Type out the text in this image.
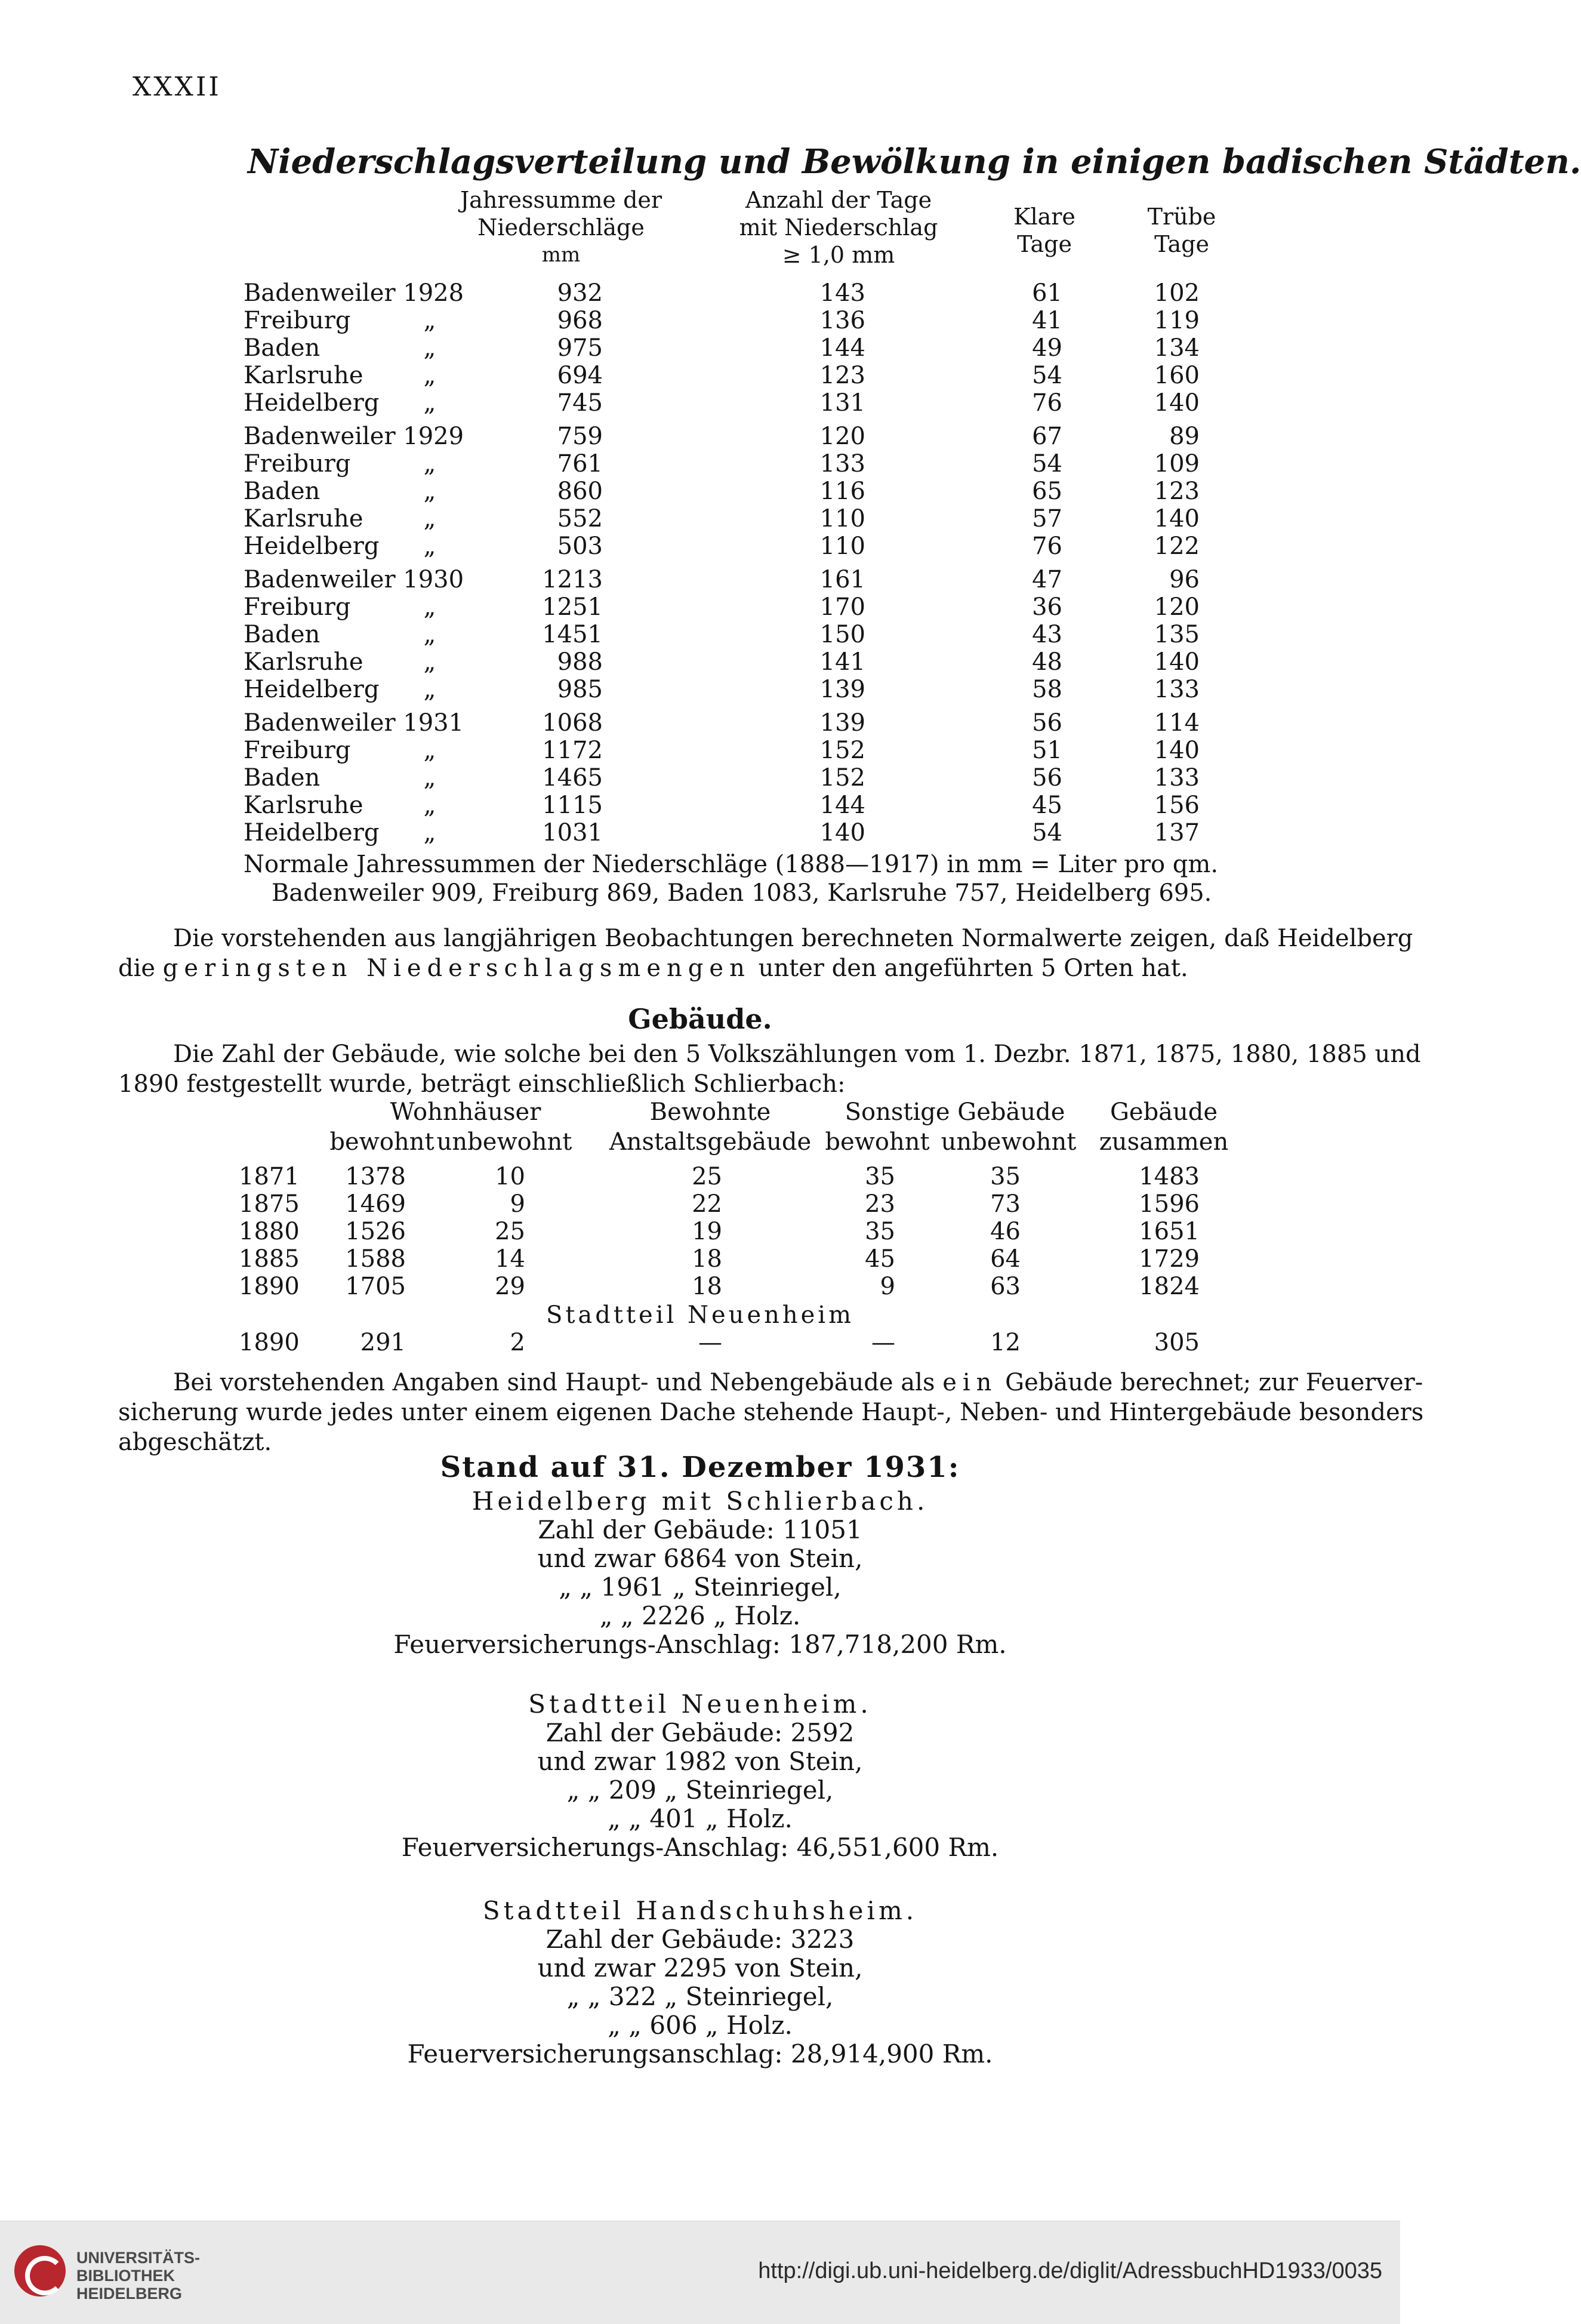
XXXII
Niederschlagsverteilung und Bewölkung in einigen badischen Städten.
Jahressumme der
Niederschläge
mm
Anzahl der Tage
mit Niederschlag
≥ 1,0 mm
Klare
Tage
Trübe
Tage
Badenweiler 1928	932	143	61	102
Freiburg	„	968	136	41	119
Baden	„	975	144	49	134
Karlsruhe	„	694	123	54	160
Heidelberg	„	745	131	76	140
Badenweiler 1929	759	120	67	89
Freiburg	„	761	133	54	109
Baden	„	860	116	65	123
Karlsruhe	„	552	110	57	140
Heidelberg	„	503	110	76	122
Badenweiler 1930	1213	161	47	96
Freiburg	„	1251	170	36	120
Baden	„	1451	150	43	135
Karlsruhe	„	988	141	48	140
Heidelberg	„	985	139	58	133
Badenweiler 1931	1068	139	56	114
Freiburg	„	1172	152	51	140
Baden	„	1465	152	56	133
Karlsruhe	„	1115	144	45	156
Heidelberg	„	1031	140	54	137
Normale Jahressummen der Niederschläge (1888—1917) in mm = Liter pro qm.
Badenweiler 909, Freiburg 869, Baden 1083, Karlsruhe 757, Heidelberg 695.
Die vorstehenden aus langjährigen Beobachtungen berechneten Normalwerte zeigen, daß Heidelberg
die geringsten Niederschlagsmengen unter den angeführten 5 Orten hat.
Gebäude.
Die Zahl der Gebäude, wie solche bei den 5 Volkszählungen vom 1. Dezbr. 1871, 1875, 1880, 1885 und
1890 festgestellt wurde, beträgt einschließlich Schlierbach:
Wohnhäuser
bewohnt unbewohnt
Bewohnte
Anstaltsgebäude
Sonstige Gebäude
bewohnt unbewohnt
Gebäude
zusammen
1871	1378	10	25	35	35	1483
1875	1469	9	22	23	73	1596
1880	1526	25	19	35	46	1651
1885	1588	14	18	45	64	1729
1890	1705	29	18	9	63	1824
Stadtteil Neuenheim
1890	291	2	—	—	12	305
Bei vorstehenden Angaben sind Haupt- und Nebengebäude als ein Gebäude berechnet; zur Feuerver-
sicherung wurde jedes unter einem eigenen Dache stehende Haupt-, Neben- und Hintergebäude besonders
abgeschätzt.
Stand auf 31. Dezember 1931:
Heidelberg mit Schlierbach.
Zahl der Gebäude: 11051
und zwar 6864 von Stein,
„ „ 1961 „ Steinriegel,
„ „ 2226 „ Holz.
Feuerversicherungs-Anschlag: 187,718,200 Rm.
Stadtteil Neuenheim.
Zahl der Gebäude: 2592
und zwar 1982 von Stein,
„ „ 209 „ Steinriegel,
„ „ 401 „ Holz.
Feuerversicherungs-Anschlag: 46,551,600 Rm.
Stadtteil Handschuhsheim.
Zahl der Gebäude: 3223
und zwar 2295 von Stein,
„ „ 322 „ Steinriegel,
„ „ 606 „ Holz.
Feuerversicherungsanschlag: 28,914,900 Rm.
UNIVERSITÄTS-
BIBLIOTHEK
HEIDELBERG
http://digi.ub.uni-heidelberg.de/diglit/AdressbuchHD1933/0035
